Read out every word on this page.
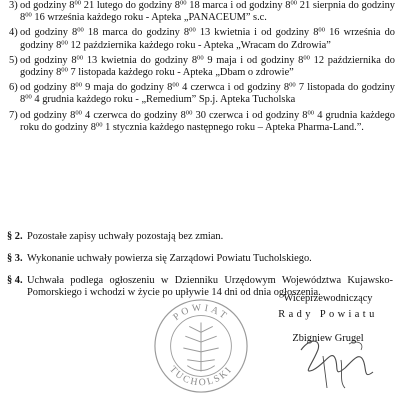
3) od godziny $8^{00}$ 21 lutego do godziny $8^{00}$ 18 marca i od godziny $8^{00}$ 21 sierpnia do godziny $8^{00}$ 16 września każdego roku - Apteka „PANACEUM” s.c.
4) od godziny $8^{00}$ 18 marca do godziny $8^{00}$ 13 kwietnia i od godziny $8^{00}$ 16 września do godziny $8^{00}$ 12 października każdego roku - Apteka „Wracam do Zdrowia”
5) od godziny $8^{00}$ 13 kwietnia do godziny $8^{00}$ 9 maja i od godziny $8^{00}$ 12 października do godziny $8^{00}$ 7 listopada każdego roku - Apteka „Dbam o zdrowie”
6) od godziny $8^{00}$ 9 maja do godziny $8^{00}$ 4 czerwca i od godziny $8^{00}$ 7 listopada do godziny $8^{00}$ 4 grudnia każdego roku - „Remedium” Sp.j. Apteka Tucholska
7) od godziny $8^{00}$ 4 czerwca do godziny $8^{00}$ 30 czerwca i od godziny $8^{00}$ 4 grudnia każdego roku do godziny $8^{00}$ 1 stycznia każdego następnego roku – Apteka Pharma-Land.”.
§ 2. Pozostałe zapisy uchwały pozostają bez zmian.
§ 3. Wykonanie uchwały powierza się Zarządowi Powiatu Tucholskiego.
§ 4. Uchwała podlega ogłoszeniu w Dzienniku Urzędowym Województwa Kujawsko-Pomorskiego i wchodzi w życie po upływie 14 dni od dnia ogłoszenia.
POWIAT
TUCHOLSKI
Wiceprzewodniczący
Rady Powiatu
Zbigniew Grugel
